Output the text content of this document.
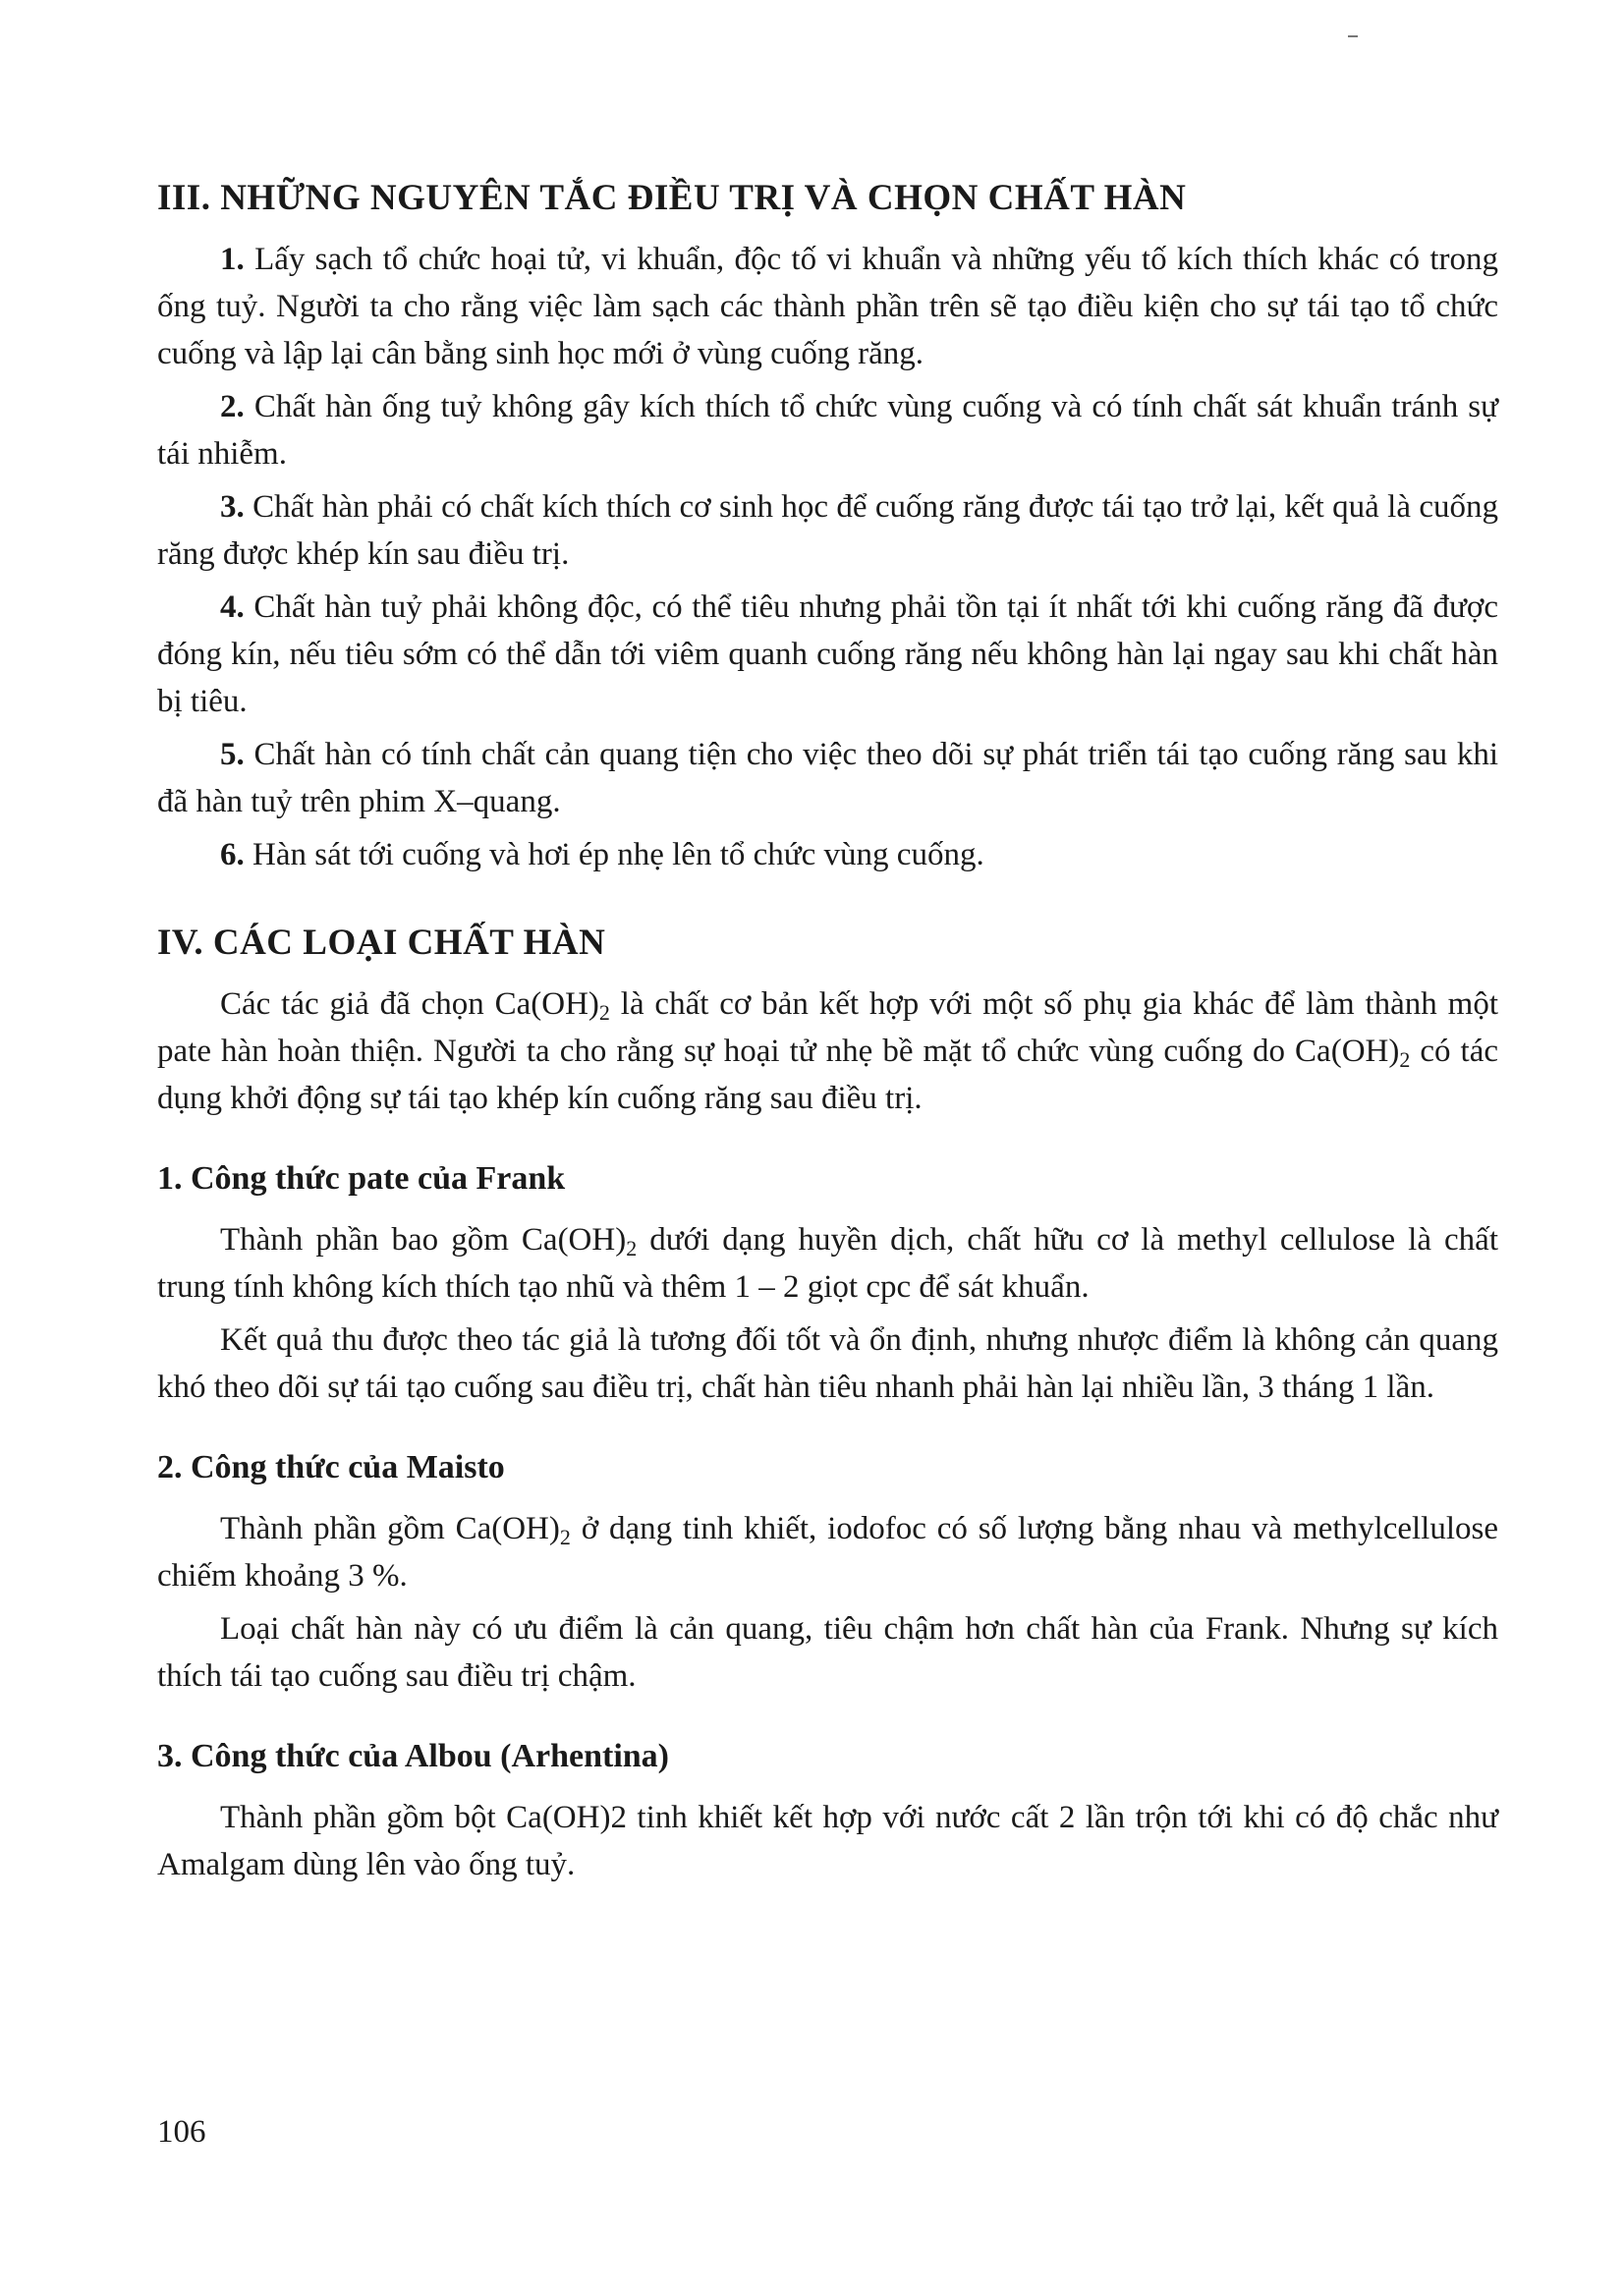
III. NHỮNG NGUYÊN TẮC ĐIỀU TRỊ VÀ CHỌN CHẤT HÀN

1. Lấy sạch tổ chức hoại tử, vi khuẩn, độc tố vi khuẩn và những yếu tố kích thích khác có trong ống tuỷ. Người ta cho rằng việc làm sạch các thành phần trên sẽ tạo điều kiện cho sự tái tạo tổ chức cuống và lập lại cân bằng sinh học mới ở vùng cuống răng.

2. Chất hàn ống tuỷ không gây kích thích tổ chức vùng cuống và có tính chất sát khuẩn tránh sự tái nhiễm.

3. Chất hàn phải có chất kích thích cơ sinh học để cuống răng được tái tạo trở lại, kết quả là cuống răng được khép kín sau điều trị.

4. Chất hàn tuỷ phải không độc, có thể tiêu nhưng phải tồn tại ít nhất tới khi cuống răng đã được đóng kín, nếu tiêu sớm có thể dẫn tới viêm quanh cuống răng nếu không hàn lại ngay sau khi chất hàn bị tiêu.

5. Chất hàn có tính chất cản quang tiện cho việc theo dõi sự phát triển tái tạo cuống răng sau khi đã hàn tuỷ trên phim X–quang.

6. Hàn sát tới cuống và hơi ép nhẹ lên tổ chức vùng cuống.

IV. CÁC LOẠI CHẤT HÀN

Các tác giả đã chọn $Ca(OH)_2$ là chất cơ bản kết hợp với một số phụ gia khác để làm thành một pate hàn hoàn thiện. Người ta cho rằng sự hoại tử nhẹ bề mặt tổ chức vùng cuống do $Ca(OH)_2$ có tác dụng khởi động sự tái tạo khép kín cuống răng sau điều trị.

1. Công thức pate của Frank

Thành phần bao gồm $Ca(OH)_2$ dưới dạng huyền dịch, chất hữu cơ là methyl cellulose là chất trung tính không kích thích tạo nhũ và thêm 1 – 2 giọt cpc để sát khuẩn.

Kết quả thu được theo tác giả là tương đối tốt và ổn định, nhưng nhược điểm là không cản quang khó theo dõi sự tái tạo cuống sau điều trị, chất hàn tiêu nhanh phải hàn lại nhiều lần, 3 tháng 1 lần.

2. Công thức của Maisto

Thành phần gồm $Ca(OH)_2$ ở dạng tinh khiết, iodofoc có số lượng bằng nhau và methylcellulose chiếm khoảng 3 %.

Loại chất hàn này có ưu điểm là cản quang, tiêu chậm hơn chất hàn của Frank. Nhưng sự kích thích tái tạo cuống sau điều trị chậm.

3. Công thức của Albou (Arhentina)

Thành phần gồm bột Ca(OH)2 tinh khiết kết hợp với nước cất 2 lần trộn tới khi có độ chắc như Amalgam dùng lên vào ống tuỷ.

106
